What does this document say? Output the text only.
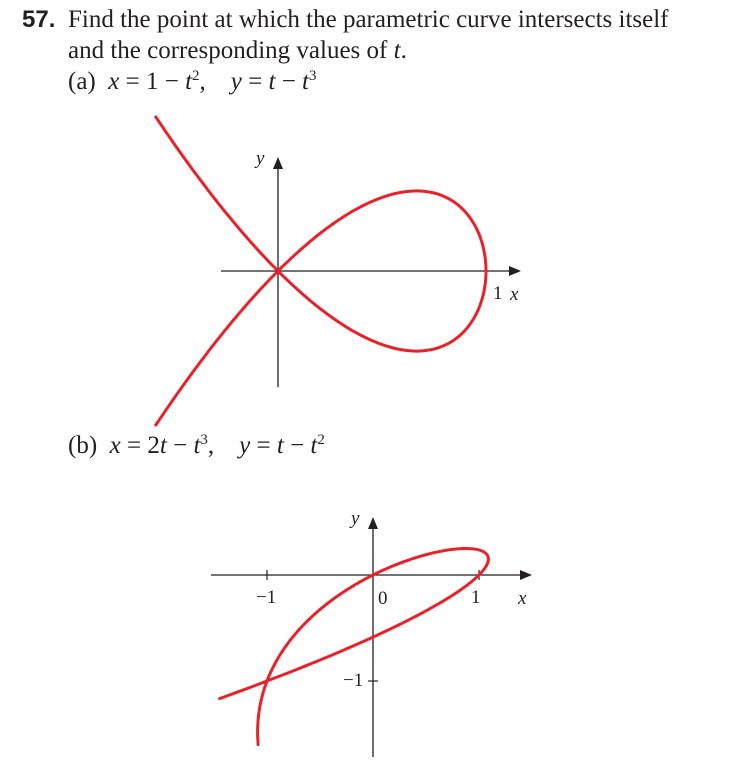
57. Find the point at which the parametric curve intersects itself
and the corresponding values of t.
(a) $x = 1 - t^2$, $y = t - t^3$
(b) $x = 2t - t^3$, $y = t - t^2$
y
1 x
y
−1	0	1 x
−1
